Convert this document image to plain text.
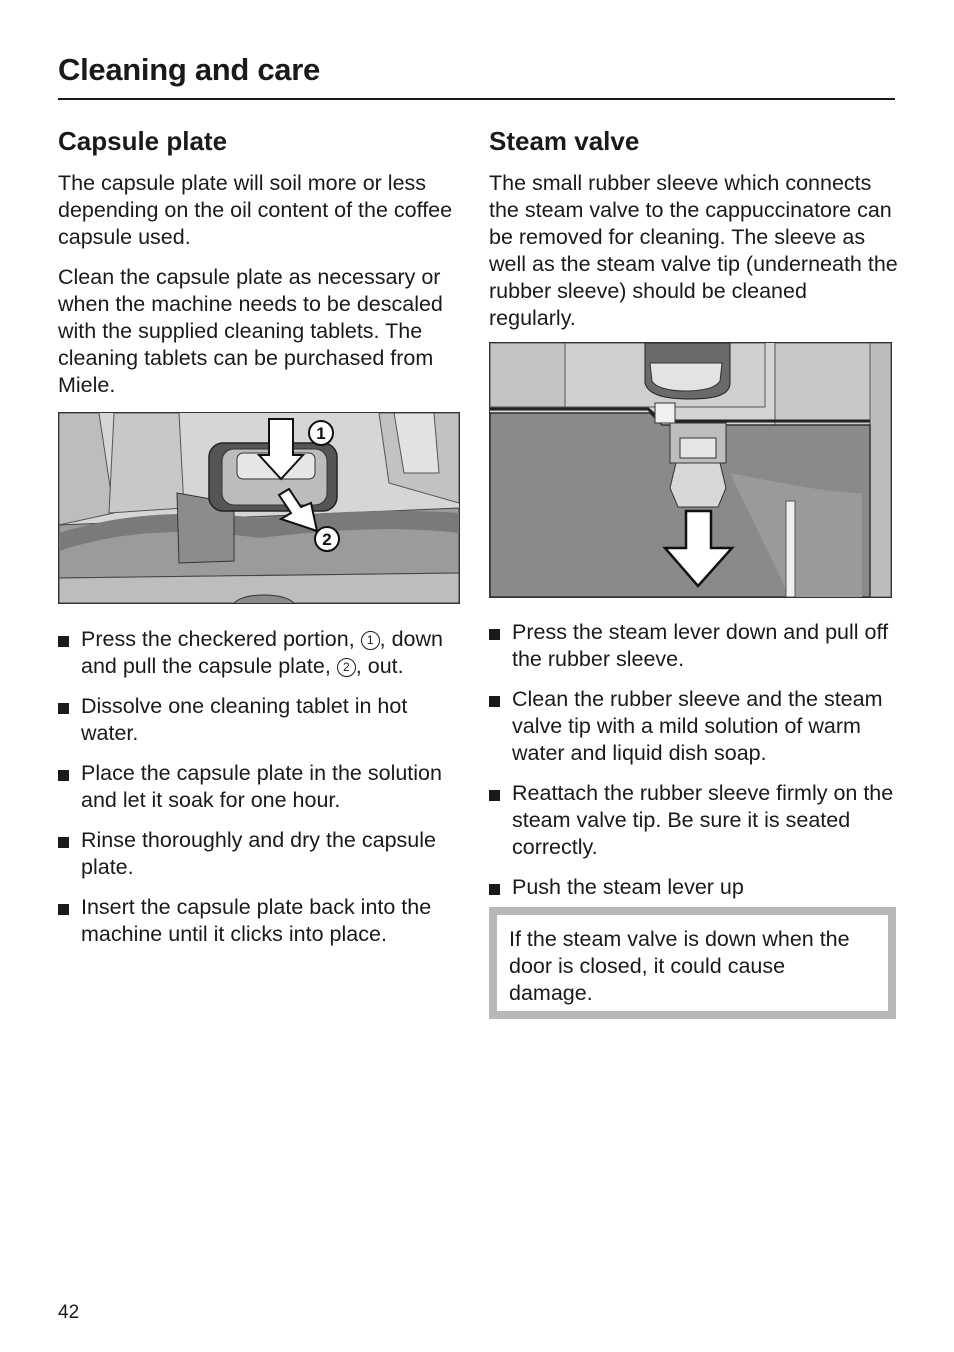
Cleaning and care
Capsule plate

The capsule plate will soil more or less depending on the oil content of the coffee capsule used.

Clean the capsule plate as necessary or when the machine needs to be descaled with the supplied cleaning tablets. The cleaning tablets can be purchased from Miele.

1
2
Press the checkered portion, 1 , down and pull the capsule plate, 2 , out.
Dissolve one cleaning tablet in hot water.
Place the capsule plate in the solution and let it soak for one hour.
Rinse thoroughly and dry the capsule plate.
Insert the capsule plate back into the machine until it clicks into place.
Steam valve

The small rubber sleeve which connects the steam valve to the cappuccinatore can be removed for cleaning. The sleeve as well as the steam valve tip (underneath the rubber sleeve) should be cleaned regularly.

Press the steam lever down and pull off the rubber sleeve.
Clean the rubber sleeve and the steam valve tip with a mild solution of warm water and liquid dish soap.
Reattach the rubber sleeve firmly on the steam valve tip. Be sure it is seated correctly.
Push the steam lever up
If the steam valve is down when the door is closed, it could cause damage.
42
